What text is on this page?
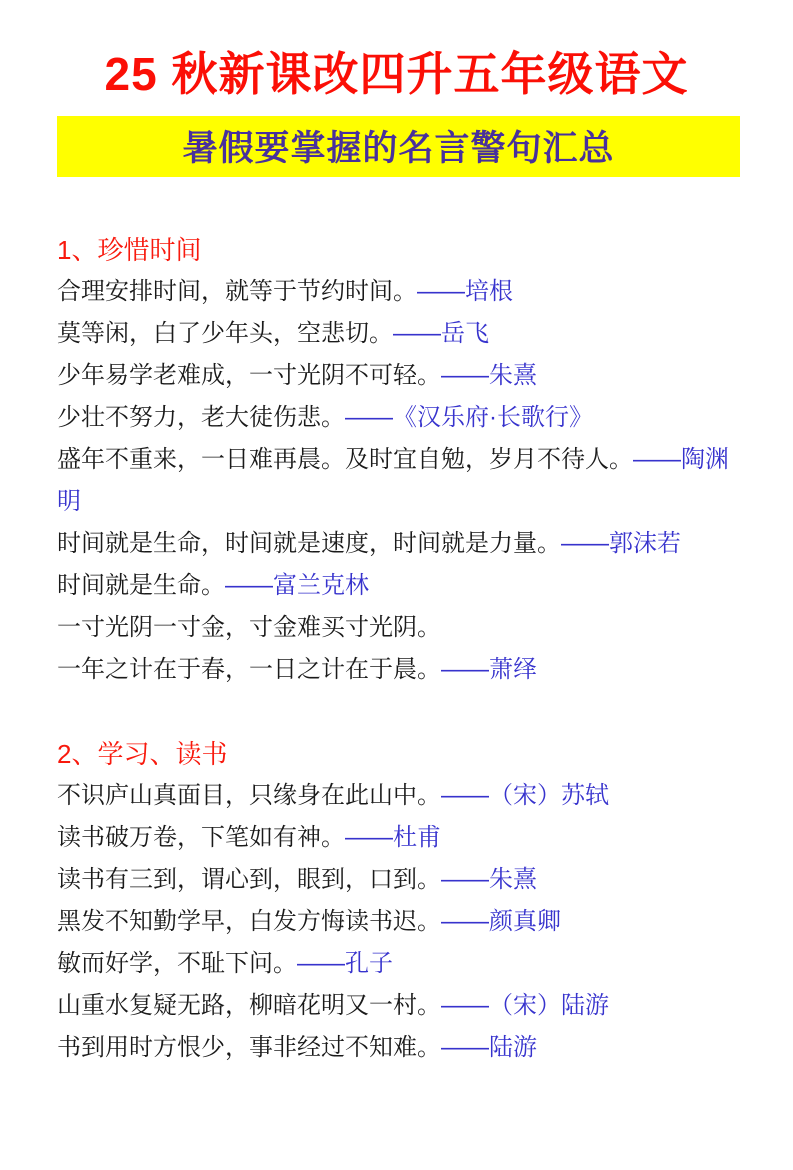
25 秋新课改四升五年级语文
暑假要掌握的名言警句汇总

1、珍惜时间

合理安排时间，就等于节约时间。——培根

莫等闲，白了少年头，空悲切。——岳飞

少年易学老难成，一寸光阴不可轻。——朱熹

少壮不努力，老大徒伤悲。——《汉乐府·长歌行》

盛年不重来，一日难再晨。及时宜自勉，岁月不待人。——陶渊明

时间就是生命，时间就是速度，时间就是力量。——郭沫若

时间就是生命。——富兰克林

一寸光阴一寸金，寸金难买寸光阴。

一年之计在于春，一日之计在于晨。——萧绎

2、学习、读书

不识庐山真面目，只缘身在此山中。——（宋）苏轼

读书破万卷，下笔如有神。——杜甫

读书有三到，谓心到，眼到，口到。——朱熹

黑发不知勤学早，白发方悔读书迟。——颜真卿

敏而好学，不耻下问。——孔子

山重水复疑无路，柳暗花明又一村。——（宋）陆游

书到用时方恨少，事非经过不知难。——陆游
